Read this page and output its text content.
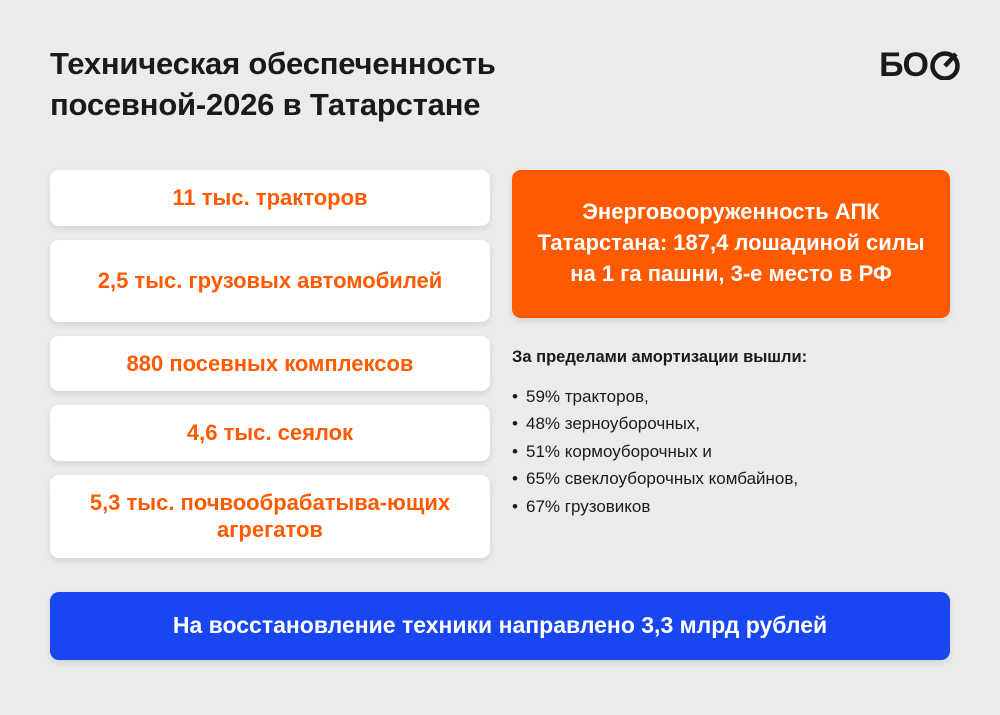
Техническая обеспеченность посевной-2026 в Татарстане
БО
11 тыс. тракторов
2,5 тыс. грузовых автомобилей
880 посевных комплексов
4,6 тыс. сеялок
5,3 тыс. почвообрабатыва-ющих агрегатов
Энерговооруженность АПК Татарстана: 187,4 лошадиной силы на 1 га пашни, 3-е место в РФ
За пределами амортизации вышли:
• 59% тракторов,
• 48% зерноуборочных,
• 51% кормоуборочных и
• 65% свеклоуборочных комбайнов,
• 67% грузовиков
На восстановление техники направлено 3,3 млрд рублей
